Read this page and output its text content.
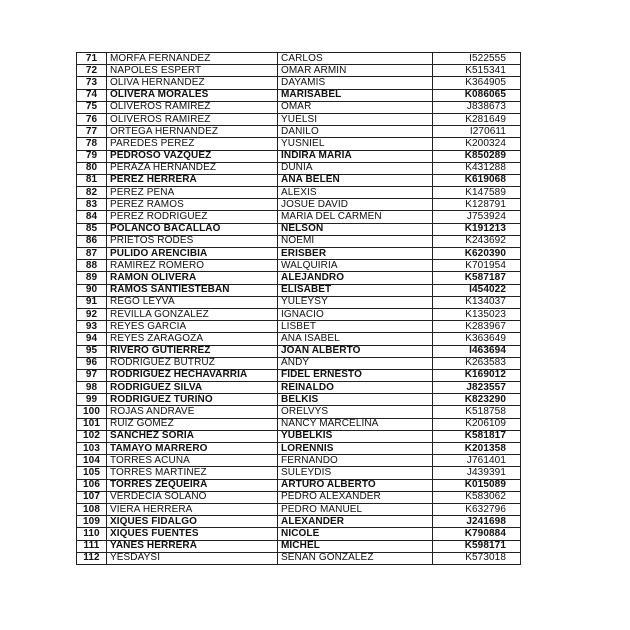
71	MORFA FERNANDEZ	CARLOS	I522555
72	NAPOLES ESPERT	OMAR ARMIN	K515341
73	OLIVA HERNANDEZ	DAYAMIS	K364905
74	OLIVERA MORALES	MARISABEL	K086065
75	OLIVEROS RAMIREZ	OMAR	J838673
76	OLIVEROS RAMIREZ	YUELSI	K281649
77	ORTEGA HERNANDEZ	DANILO	I270611
78	PAREDES PEREZ	YUSNIEL	K200324
79	PEDROSO VAZQUEZ	INDIRA MARIA	K850289
80	PERAZA HERNANDEZ	DUNIA	K431288
81	PEREZ HERRERA	ANA BELEN	K619068
82	PEREZ PEÑA	ALEXIS	K147589
83	PEREZ RAMOS	JOSUE DAVID	K128791
84	PEREZ RODRIGUEZ	MARIA DEL CARMEN	J753924
85	POLANCO BACALLAO	NELSON	K191213
86	PRIETOS RODES	NOEMI	K243692
87	PULIDO ARENCIBIA	ERISBER	K620390
88	RAMIREZ ROMERO	WALQUIRIA	K701954
89	RAMON OLIVERA	ALEJANDRO	K587187
90	RAMOS SANTIESTEBAN	ELISABET	I454022
91	REGO LEYVA	YULEYSY	K134037
92	REVILLA GONZALEZ	IGNACIO	K135023
93	REYES GARCIA	LISBET	K283967
94	REYES ZARAGOZA	ANA ISABEL	K363649
95	RIVERO GUTIERREZ	JOAN ALBERTO	I463694
96	RODRIGUEZ BUTRUZ	ANDY	K263583
97	RODRIGUEZ HECHAVARRIA	FIDEL ERNESTO	K169012
98	RODRIGUEZ SILVA	REINALDO	J823557
99	RODRIGUEZ TURIÑO	BELKIS	K823290
100	ROJAS ANDRAVE	ORELVYS	K518758
101	RUIZ GOMEZ	NANCY MARCELINA	K206109
102	SANCHEZ SORIA	YUBELKIS	K581817
103	TAMAYO MARRERO	LORENNIS	K201358
104	TORRES ACUÑA	FERNANDO	J761401
105	TORRES MARTINEZ	SULEYDIS	J439391
106	TORRES ZEQUEIRA	ARTURO ALBERTO	K015089
107	VERDECIA SOLANO	PEDRO ALEXANDER	K583062
108	VIERA HERRERA	PEDRO MANUEL	K632796
109	XIQUES FIDALGO	ALEXANDER	J241698
110	XIQUES FUENTES	NICOLE	K790884
111	YANES HERRERA	MICHEL	K598171
112	YESDAYSI	SEÑAN GONZALEZ	K573018
